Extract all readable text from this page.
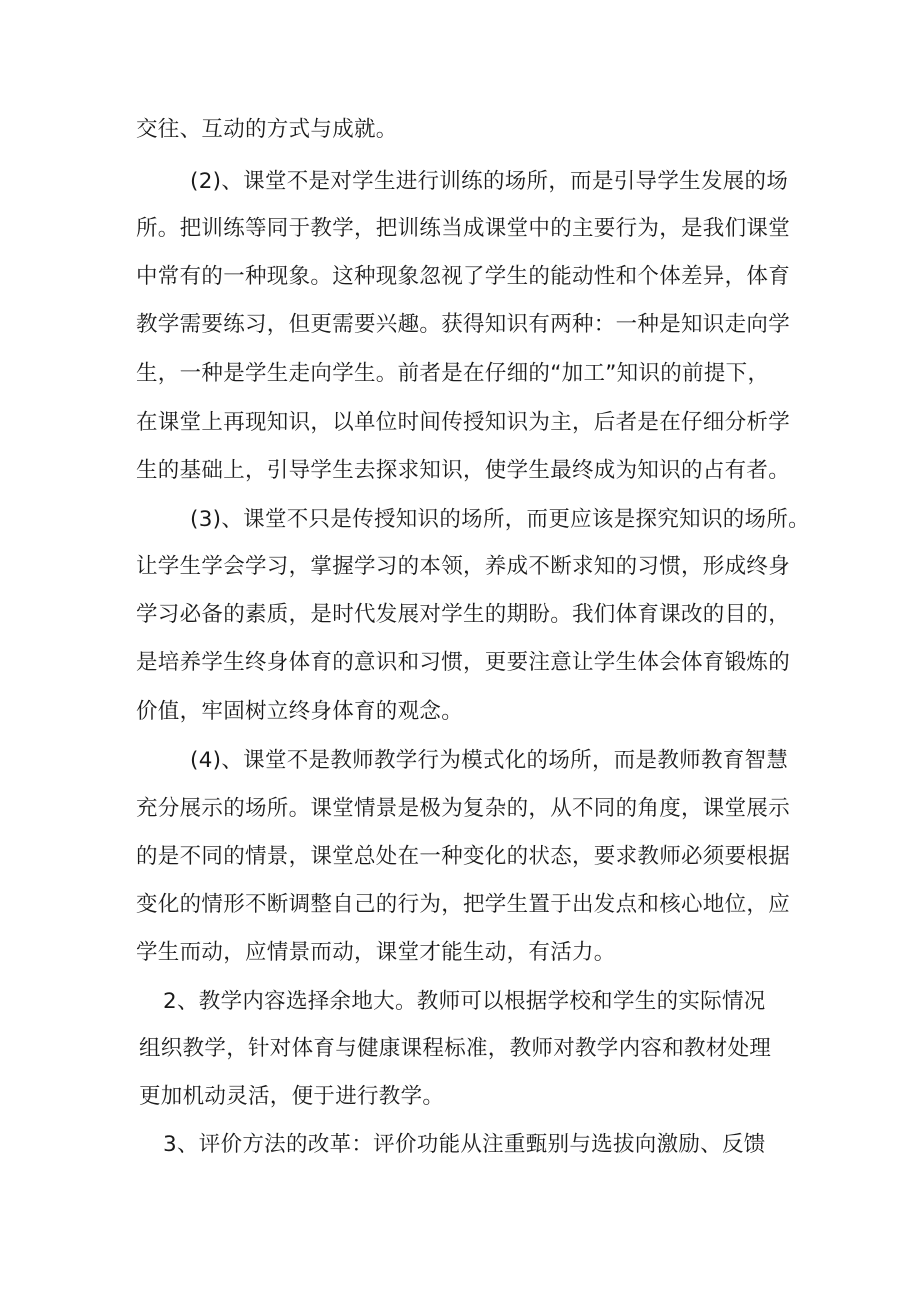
交往、互动的方式与成就。
(2)、课堂不是对学生进行训练的场所，而是引导学生发展的场
所。把训练等同于教学，把训练当成课堂中的主要行为，是我们课堂
中常有的一种现象。这种现象忽视了学生的能动性和个体差异，体育
教学需要练习，但更需要兴趣。获得知识有两种：一种是知识走向学
生，一种是学生走向学生。前者是在仔细的“加工”知识的前提下，
在课堂上再现知识，以单位时间传授知识为主，后者是在仔细分析学
生的基础上，引导学生去探求知识，使学生最终成为知识的占有者。
(3)、课堂不只是传授知识的场所，而更应该是探究知识的场所。
让学生学会学习，掌握学习的本领，养成不断求知的习惯，形成终身
学习必备的素质，是时代发展对学生的期盼。我们体育课改的目的，
是培养学生终身体育的意识和习惯，更要注意让学生体会体育锻炼的
价值，牢固树立终身体育的观念。
(4)、课堂不是教师教学行为模式化的场所，而是教师教育智慧
充分展示的场所。课堂情景是极为复杂的，从不同的角度，课堂展示
的是不同的情景，课堂总处在一种变化的状态，要求教师必须要根据
变化的情形不断调整自己的行为，把学生置于出发点和核心地位，应
学生而动，应情景而动，课堂才能生动，有活力。
2、教学内容选择余地大。教师可以根据学校和学生的实际情况
组织教学，针对体育与健康课程标准，教师对教学内容和教材处理
更加机动灵活，便于进行教学。
3、评价方法的改革：评价功能从注重甄别与选拔向激励、反馈
